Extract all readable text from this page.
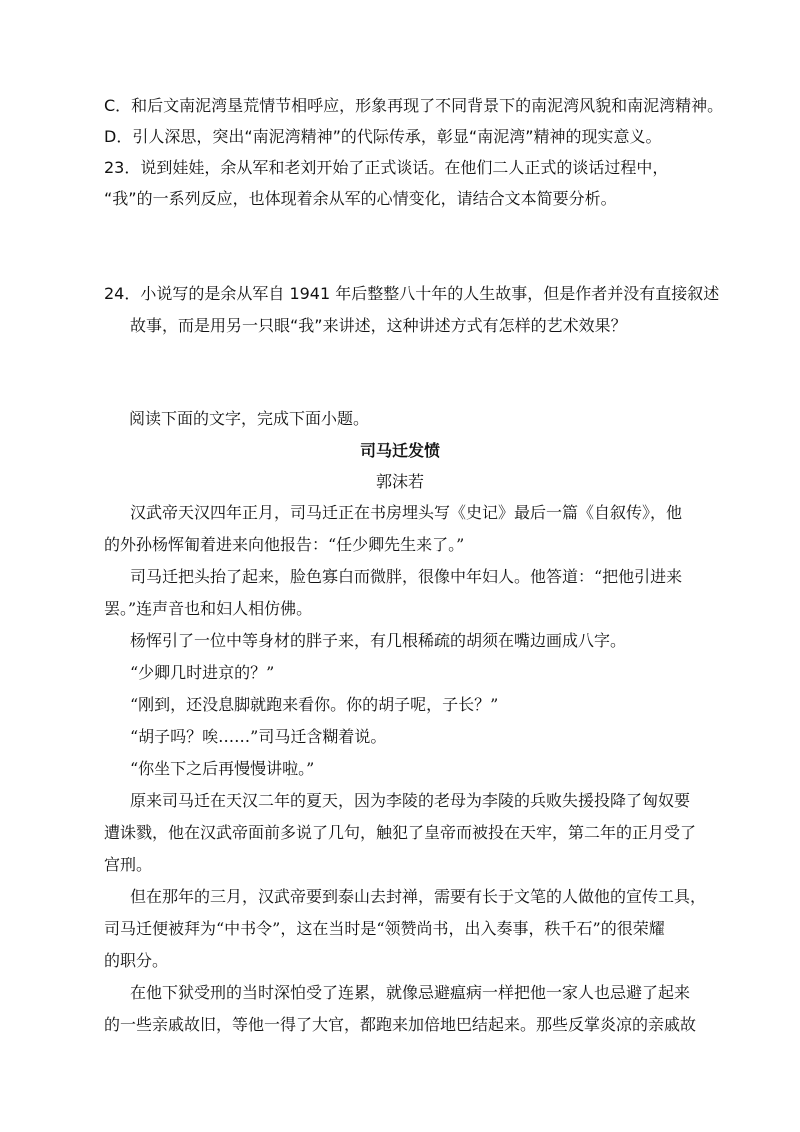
C．和后文南泥湾垦荒情节相呼应，形象再现了不同背景下的南泥湾风貌和南泥湾精神。
D．引人深思，突出“南泥湾精神”的代际传承，彰显“南泥湾”精神的现实意义。
23．说到娃娃，余从军和老刘开始了正式谈话。在他们二人正式的谈话过程中，
“我”的一系列反应，也体现着余从军的心情变化，请结合文本简要分析。
24．小说写的是余从军自 1941 年后整整八十年的人生故事，但是作者并没有直接叙述
故事，而是用另一只眼“我”来讲述，这种讲述方式有怎样的艺术效果？
阅读下面的文字，完成下面小题。
司马迁发愤
郭沫若
汉武帝天汉四年正月，司马迁正在书房埋头写《史记》最后一篇《自叙传》，他
的外孙杨恽匍着进来向他报告：“任少卿先生来了。”
司马迁把头抬了起来，脸色寡白而微胖，很像中年妇人。他答道：“把他引进来
罢。”连声音也和妇人相仿佛。
杨恽引了一位中等身材的胖子来，有几根稀疏的胡须在嘴边画成八字。
“少卿几时进京的？”
“刚到，还没息脚就跑来看你。你的胡子呢，子长？”
“胡子吗？唉……”司马迁含糊着说。
“你坐下之后再慢慢讲啦。”
原来司马迁在天汉二年的夏天，因为李陵的老母为李陵的兵败失援投降了匈奴要
遭诛戮，他在汉武帝面前多说了几句，触犯了皇帝而被投在天牢，第二年的正月受了
宫刑。
但在那年的三月，汉武帝要到泰山去封禅，需要有长于文笔的人做他的宣传工具，
司马迁便被拜为“中书令”，这在当时是“领赞尚书，出入奏事，秩千石”的很荣耀
的职分。
在他下狱受刑的当时深怕受了连累，就像忌避瘟病一样把他一家人也忌避了起来
的一些亲戚故旧，等他一得了大官，都跑来加倍地巴结起来。那些反掌炎凉的亲戚故
